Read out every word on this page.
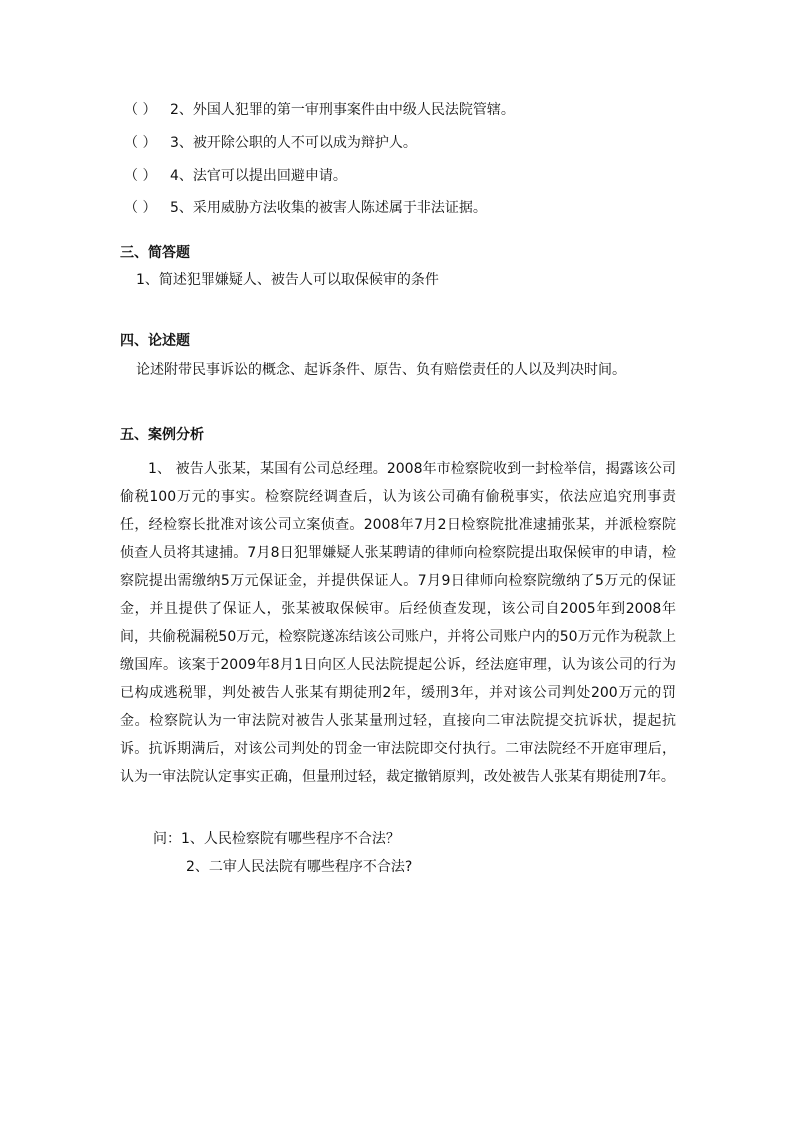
（ ） 2、外国人犯罪的第一审刑事案件由中级人民法院管辖。
（ ） 3、被开除公职的人不可以成为辩护人。
（ ） 4、法官可以提出回避申请。
（ ） 5、采用威胁方法收集的被害人陈述属于非法证据。
三、简答题
1、简述犯罪嫌疑人、被告人可以取保候审的条件
四、论述题
论述附带民事诉讼的概念、起诉条件、原告、负有赔偿责任的人以及判决时间。
五、案例分析
1、 被告人张某，某国有公司总经理。2008年市检察院收到一封检举信，揭露该公司偷税100万元的事实。检察院经调查后，认为该公司确有偷税事实，依法应追究刑事责任，经检察长批准对该公司立案侦查。2008年7月2日检察院批准逮捕张某，并派检察院侦查人员将其逮捕。7月8日犯罪嫌疑人张某聘请的律师向检察院提出取保候审的申请，检察院提出需缴纳5万元保证金，并提供保证人。7月9日律师向检察院缴纳了5万元的保证金，并且提供了保证人，张某被取保候审。后经侦查发现，该公司自2005年到2008年间，共偷税漏税50万元，检察院遂冻结该公司账户，并将公司账户内的50万元作为税款上缴国库。该案于2009年8月1日向区人民法院提起公诉，经法庭审理，认为该公司的行为已构成逃税罪，判处被告人张某有期徒刑2年，缓刑3年，并对该公司判处200万元的罚金。检察院认为一审法院对被告人张某量刑过轻，直接向二审法院提交抗诉状，提起抗诉。抗诉期满后，对该公司判处的罚金一审法院即交付执行。二审法院经不开庭审理后，认为一审法院认定事实正确，但量刑过轻，裁定撤销原判，改处被告人张某有期徒刑7年。
问：1、人民检察院有哪些程序不合法？
2、二审人民法院有哪些程序不合法?
